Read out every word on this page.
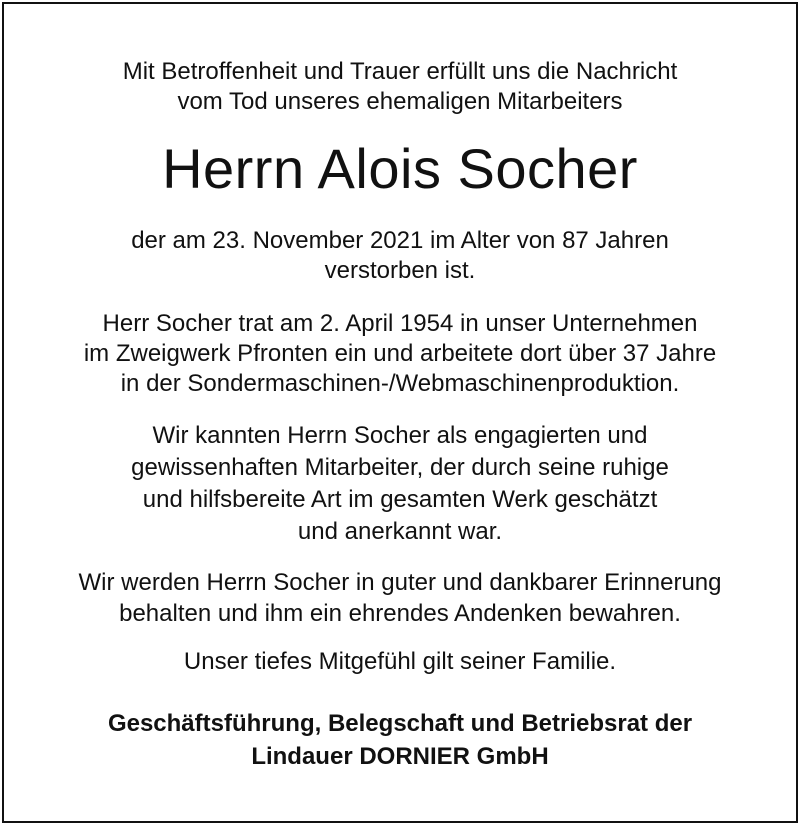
Mit Betroffenheit und Trauer erfüllt uns die Nachricht
vom Tod unseres ehemaligen Mitarbeiters
Herrn Alois Socher
der am 23. November 2021 im Alter von 87 Jahren
verstorben ist.
Herr Socher trat am 2. April 1954 in unser Unternehmen
im Zweigwerk Pfronten ein und arbeitete dort über 37 Jahre
in der Sondermaschinen-/Webmaschinenproduktion.
Wir kannten Herrn Socher als engagierten und
gewissenhaften Mitarbeiter, der durch seine ruhige
und hilfsbereite Art im gesamten Werk geschätzt
und anerkannt war.
Wir werden Herrn Socher in guter und dankbarer Erinnerung
behalten und ihm ein ehrendes Andenken bewahren.
Unser tiefes Mitgefühl gilt seiner Familie.
Geschäftsführung, Belegschaft und Betriebsrat der
Lindauer DORNIER GmbH
